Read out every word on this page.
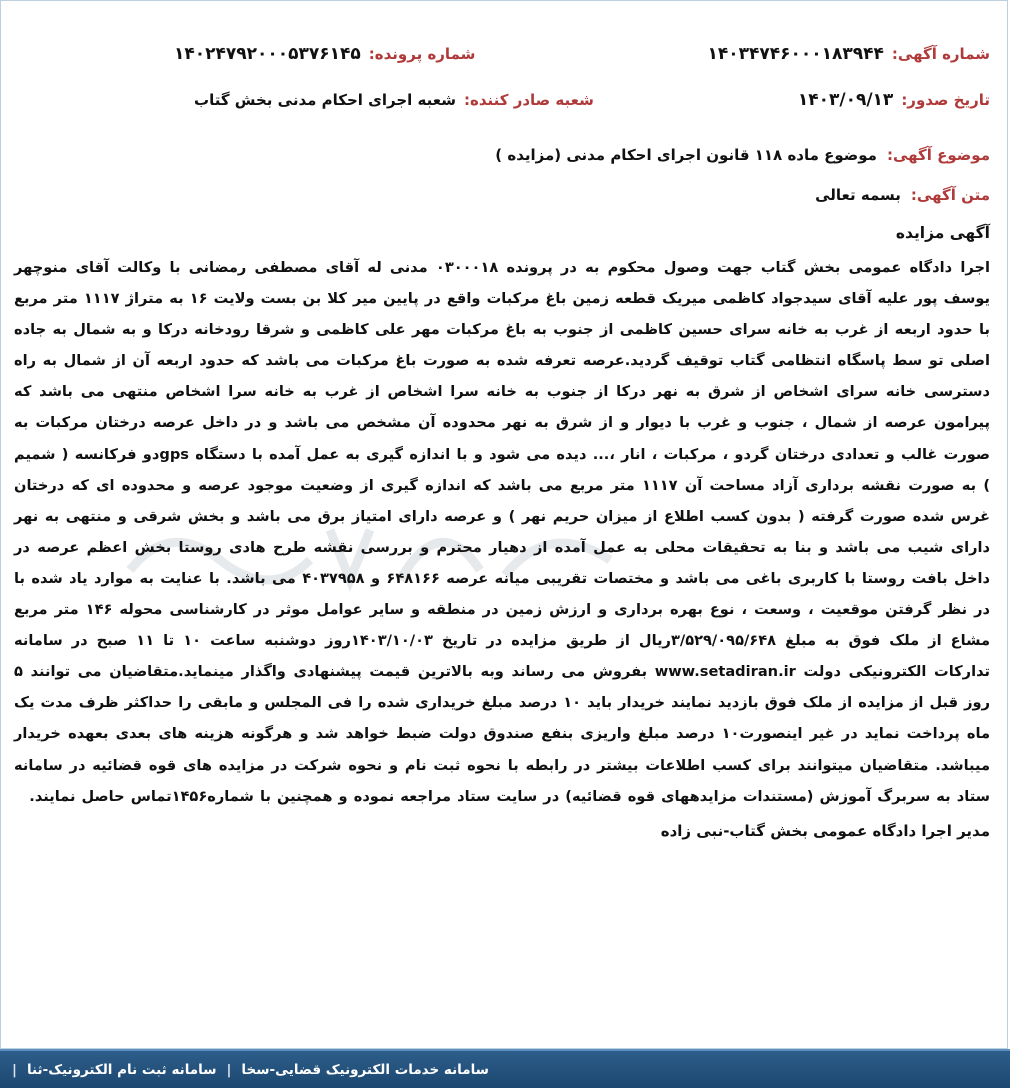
شماره آگهی:
۱۴۰۳۴۷۴۶۰۰۰۱۸۳۹۴۴
شماره پرونده:
۱۴۰۲۴۷۹۲۰۰۰۵۳۷۶۱۴۵
تاریخ صدور:
۱۴۰۳/۰۹/۱۳
شعبه صادر کننده:
شعبه اجرای احکام مدنی بخش گتاب
موضوع آگهی:
موضوع ماده ۱۱۸ قانون اجرای احکام مدنی (مزایده )
متن آگهی:
بسمه تعالی
آگهی مزایده
اجرا دادگاه عمومی بخش گتاب جهت وصول محکوم به در پرونده ۰۳۰۰۰۱۸ مدنی له آقای مصطفی رمضانی با وکالت آقای منوچهر یوسف پور علیه آقای سیدجواد کاظمی میریک قطعه زمین باغ مرکبات واقع در پایین میر کلا بن بست ولایت ۱۶ به متراژ ۱۱۱۷ متر مربع با حدود اربعه از غرب به خانه سرای حسین کاظمی از جنوب به باغ مرکبات مهر علی کاظمی و شرقا رودخانه درکا و به شمال به جاده اصلی تو سط پاسگاه انتظامی گتاب توقیف گردید.عرصه تعرفه شده به صورت باغ مرکبات می باشد که حدود اربعه آن از شمال به راه دسترسی خانه سرای اشخاص از شرق به نهر درکا از جنوب به خانه سرا اشخاص از غرب به خانه سرا اشخاص منتهی می باشد که پیرامون عرصه از شمال ، جنوب و غرب با دیوار و از شرق به نهر محدوده آن مشخص می باشد و در داخل عرصه درختان مرکبات به صورت غالب و تعدادی درختان گردو ، مرکبات ، انار ،... دیده می شود و با اندازه گیری به عمل آمده با دستگاه gpsدو فرکانسه ( شمیم ) به صورت نقشه برداری آزاد مساحت آن ۱۱۱۷ متر مربع می باشد که اندازه گیری از وضعیت موجود عرصه و محدوده ای که درختان غرس شده صورت گرفته ( بدون کسب اطلاع از میزان حریم نهر ) و عرصه دارای امتیاز برق می باشد و بخش شرقی و منتهی به نهر دارای شیب می باشد و بنا به تحقیقات محلی به عمل آمده از دهیار محترم و بررسی نقشه طرح هادی روستا بخش اعظم عرصه در داخل بافت روستا با کاربری باغی می باشد و مختصات تقریبی میانه عرصه ۶۴۸۱۶۶ و ۴۰۳۷۹۵۸ می باشد. با عنایت به موارد یاد شده با در نظر گرفتن موقعیت ، وسعت ، نوع بهره برداری و ارزش زمین در منطقه و سایر عوامل موثر در کارشناسی محوله ۱۴۶ متر مربع مشاع از ملک فوق به مبلغ ۳/۵۲۹/۰۹۵/۶۴۸ریال از طریق مزایده در تاریخ ۱۴۰۳/۱۰/۰۳روز دوشنبه ساعت ۱۰ تا ۱۱ صبح در سامانه تدارکات الکترونیکی دولت www.setadiran.ir بفروش می رساند وبه بالاترین قیمت پیشنهادی واگذار مینماید.متقاضیان می توانند ۵ روز قبل از مزایده از ملک فوق بازدید نمایند خریدار باید ۱۰ درصد مبلغ خریداری شده را فی المجلس و مابقی را حداکثر ظرف مدت یک ماه پرداخت نماید در غیر اینصورت۱۰ درصد مبلغ واریزی بنفع صندوق دولت ضبط خواهد شد و هرگونه هزینه های بعدی بعهده خریدار میباشد. متقاضیان میتوانند برای کسب اطلاعات بیشتر در رابطه با نحوه ثبت نام و نحوه شرکت در مزایده های قوه قضائیه در سامانه ستاد به سربرگ آموزش (مستندات مزایدههای قوه قضائیه) در سایت ستاد مراجعه نموده و همچنین با شماره۱۴۵۶تماس حاصل نمایند.
مدیر اجرا دادگاه عمومی بخش گتاب-نبی زاده
سامانه خدمات الکترونیک قضایی-سخا
|
سامانه ثبت نام الکترونیک-ثنا
|
